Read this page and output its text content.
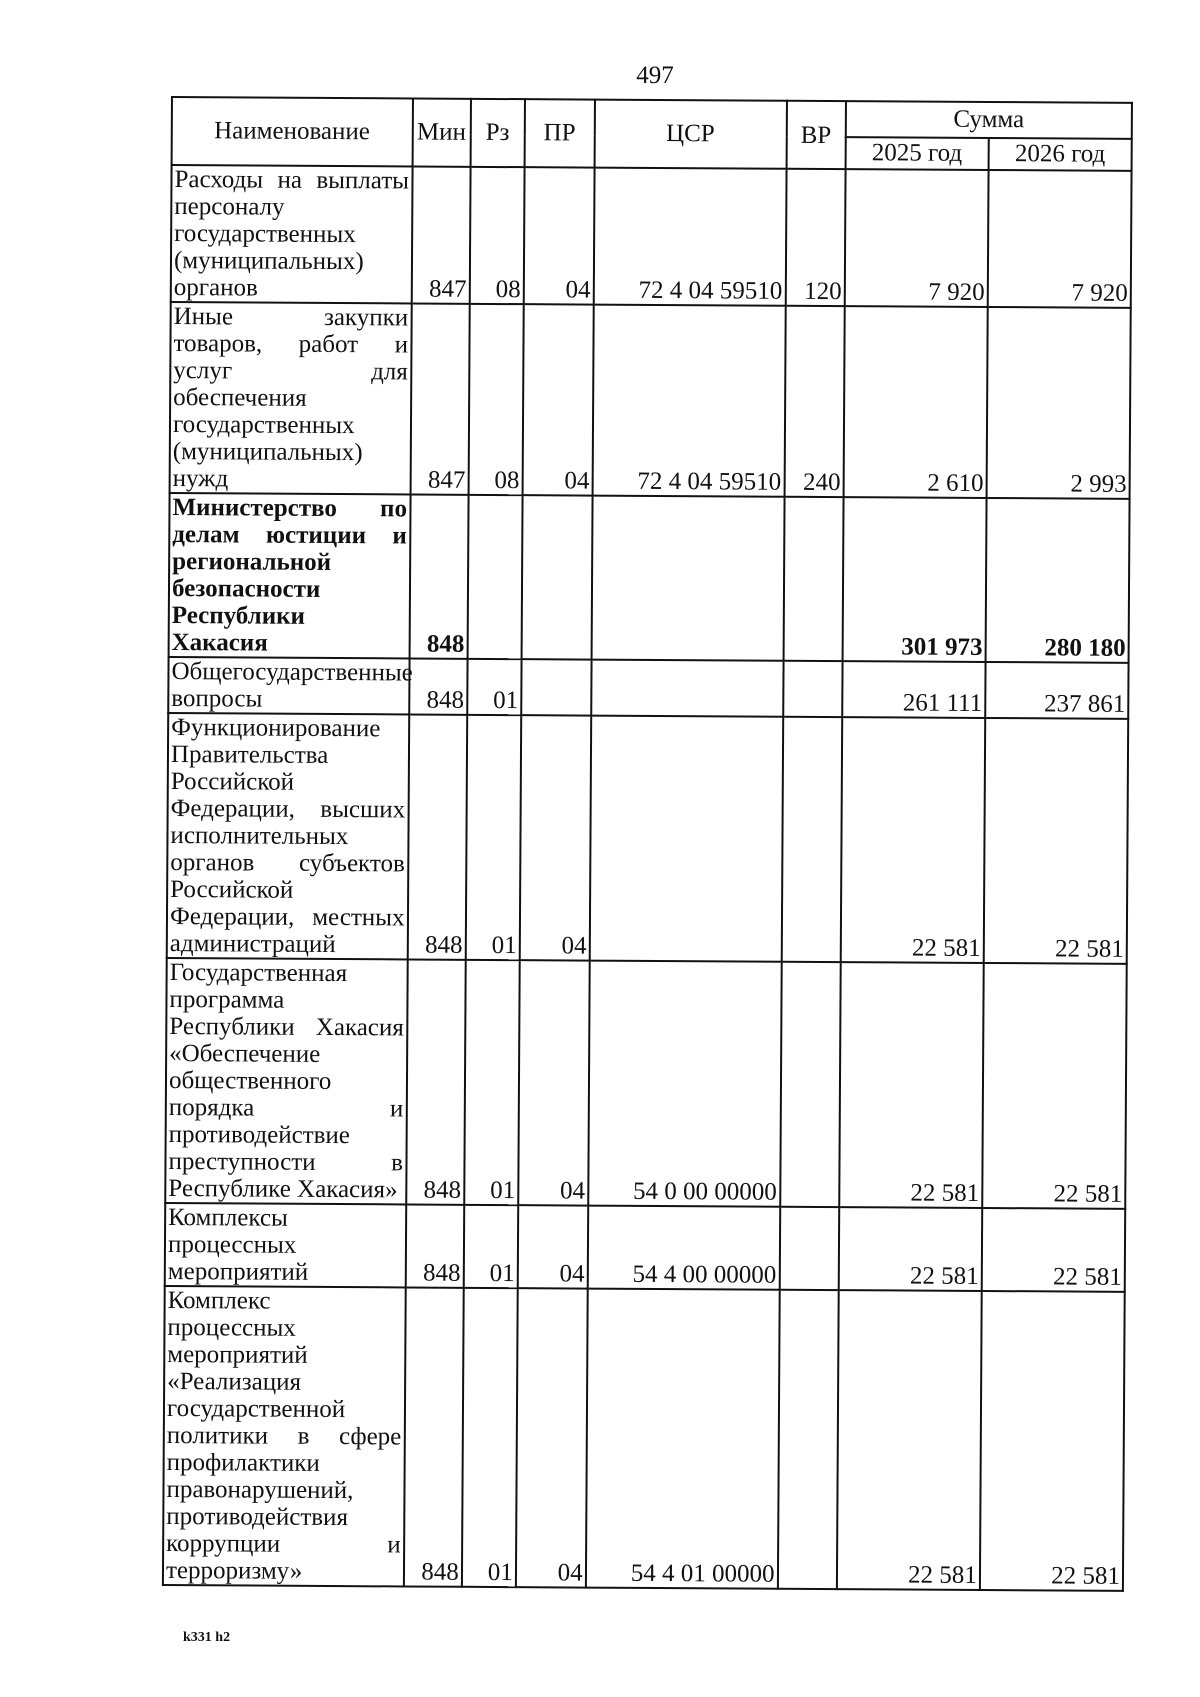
497
Наименование	Мин	Рз	ПР	ЦСР	ВР	Сумма	
						2025 год	2026 год
Расходы на выплаты персоналу государственных (муниципальных) органов	847	08	04	72 4 04 59510	120	7 920	7 920
Иные закупки товаров, работ и услуг для обеспечения государственных (муниципальных) нужд	847	08	04	72 4 04 59510	240	2 610	2 993
Министерство по делам юстиции и региональной безопасности Республики Хакасия	848					301 973	280 180
Общегосударственные вопросы	848	01				261 111	237 861
Функционирование Правительства Российской Федерации, высших исполнительных органов субъектов Российской Федерации, местных администраций	848	01	04			22 581	22 581
Государственная программа Республики Хакасия «Обеспечение общественного порядка и противодействие преступности в Республике Хакасия»	848	01	04	54 0 00 00000		22 581	22 581
Комплексы процессных мероприятий	848	01	04	54 4 00 00000		22 581	22 581
Комплекс процессных мероприятий «Реализация государственной политики в сфере профилактики правонарушений, противодействия коррупции и терроризму»	848	01	04	54 4 01 00000		22 581	22 581
k331 h2
